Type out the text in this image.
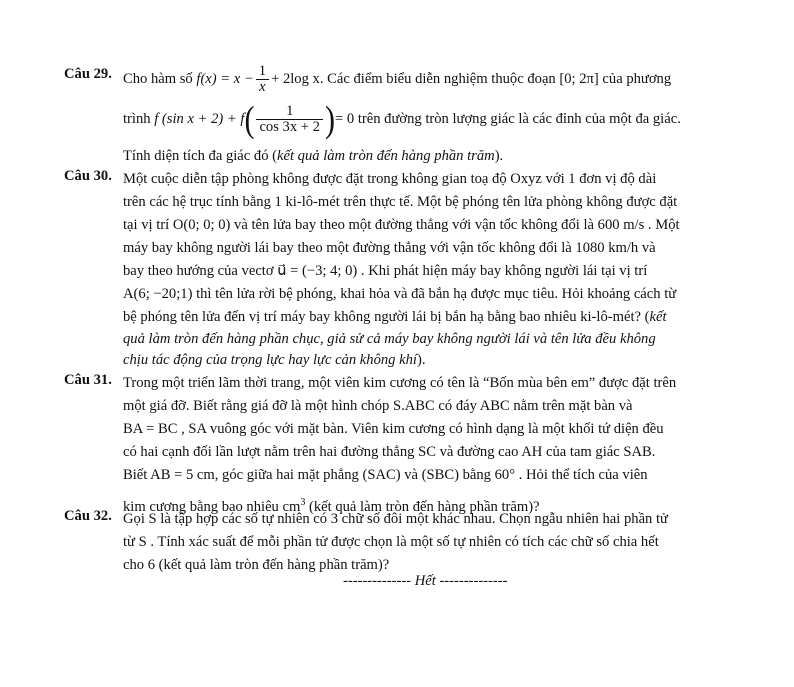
Câu 29. Cho hàm số $f(x) = x - \frac{1}{x} + 2\log$ x. Các điểm biểu diễn nghiệm thuộc đoạn [0; 2π] của phương
trình f (sin $x + 2) + f( \frac{1}{\cos 3x + 2}$ )= 0 trên đường tròn lượng giác là các đỉnh của một đa giác.
Tính diện tích đa giác đó (kết quả làm tròn đến hàng phần trăm).
Câu 30. Một cuộc diễn tập phòng không được đặt trong không gian toạ độ Oxyz với 1 đơn vị độ dài
trên các hệ trục tính bằng 1 ki-lô-mét trên thực tế. Một bệ phóng tên lửa phòng không được đặt
tại vị trí O(0; 0; 0) và tên lửa bay theo một đường thẳng với vận tốc không đổi là 600 m/s . Một
máy bay không người lái bay theo một đường thẳng với vận tốc không đổi là 1080 km/h và
bay theo hướng của vectơ u⃗ = (−3; 4; 0) . Khi phát hiện máy bay không người lái tại vị trí
A(6; −20;1) thì tên lửa rời bệ phóng, khai hỏa và đã bắn hạ được mục tiêu. Hỏi khoảng cách từ
bệ phóng tên lửa đến vị trí máy bay không người lái bị bắn hạ bằng bao nhiêu ki-lô-mét? (kết
quả làm tròn đến hàng phần chục, giả sử cả máy bay không người lái và tên lửa đều không
chịu tác động của trọng lực hay lực cản không khí).
Câu 31. Trong một triển lãm thời trang, một viên kim cương có tên là “Bốn mùa bên em” được đặt trên
một giá đỡ. Biết rằng giá đỡ là một hình chóp S.ABC có đáy ABC nằm trên mặt bàn và
BA = BC , SA vuông góc với mặt bàn. Viên kim cương có hình dạng là một khối tứ diện đều
có hai cạnh đối lần lượt nằm trên hai đường thẳng SC và đường cao AH của tam giác SAB.
Biết AB = 5 cm, góc giữa hai mặt phẳng (SAC) và (SBC) bằng 60° . Hỏi thể tích của viên
kim cương bằng bao nhiêu $cm^3$ (kết quả làm tròn đến hàng phần trăm)?
Câu 32. Gọi S là tập hợp các số tự nhiên có 3 chữ số đôi một khác nhau. Chọn ngẫu nhiên hai phần tử
từ S . Tính xác suất để mỗi phần tử được chọn là một số tự nhiên có tích các chữ số chia hết
cho 6 (kết quả làm tròn đến hàng phần trăm)?
-------------- Hết --------------
